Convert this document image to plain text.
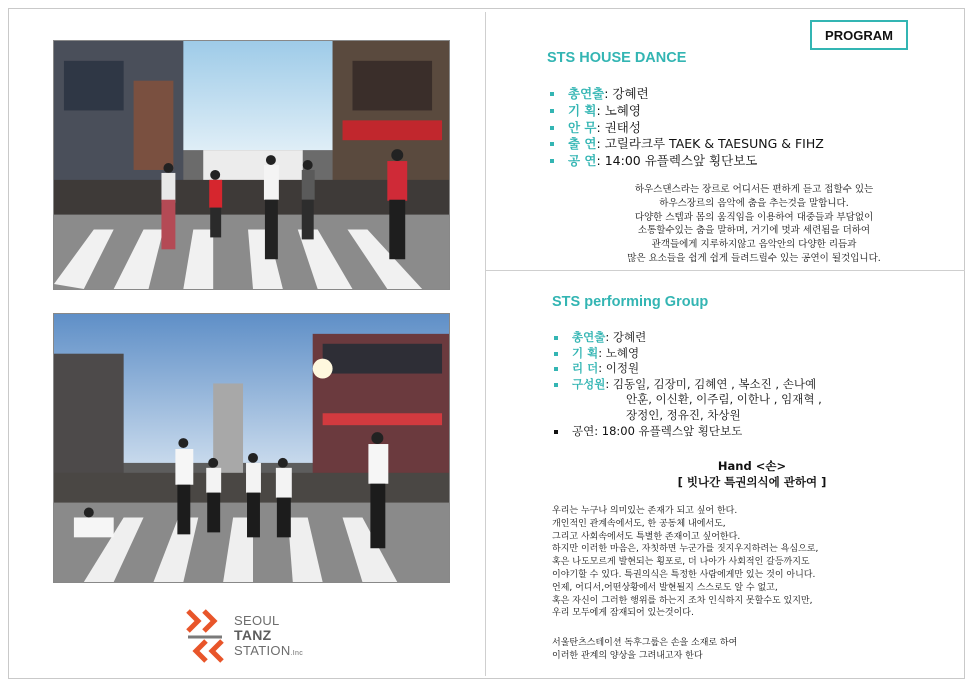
SEOUL
TANZ
STATION.Inc
PROGRAM
STS HOUSE DANCE
총연출: 강혜련
기 획: 노혜영
안 무: 권태성
출 연: 고릴라크루 TAEK & TAESUNG & FIHZ
공 연: 14:00 유플렉스앞 횡단보도
하우스댄스라는 장르로 어디서든 편하게 듣고 접할수 있는
하우스장르의 음악에 춤을 추는것을 말합니다.
다양한 스텝과 몸의 움직임을 이용하여 대중들과 부담없이
소통할수있는 춤을 말하며, 거기에 멋과 세련됨을 더하여
관객들에게 지루하지않고 음악안의 다양한 리듬과
많은 요소들을 쉽게 쉽게 들려드릴수 있는 공연이 될것입니다.
STS performing Group
총연출: 강혜련
기 획: 노혜영
리 더: 이정원
구성원: 김동일, 김장미, 김혜연 , 복소진 , 손나예
안훈, 이신환, 이주림, 이한나 , 임재혁 ,
장정인, 정유진, 차상원
공연: 18:00 유플렉스앞 횡단보도
Hand <손>
[ 빗나간 특권의식에 관하여 ]

우리는 누구나 의미있는 존재가 되고 싶어 한다.

개인적인 관계속에서도, 한 공동체 내에서도,

그리고 사회속에서도 특별한 존재이고 싶어한다.

하지만 이러한 마음은, 자칫하면 누군가를 짓지우지하려는 욕심으로,

혹은 나도모르게 발현되는 횡포로, 더 나아가 사회적인 갈등까지도

이야기할 수 있다. 특권의식은 특정한 사람에게만 있는 것이 아니다.

언제, 어디서,어떤상황에서 발현될지 스스로도 알 수 없고,

혹은 자신이 그러한 행위를 하는지 조차 인식하지 못할수도 있지만,

우리 모두에게 잠재되어 있는것이다.

서울탄츠스테이션 독후그룹은 손을 소재로 하여

이러한 관계의 양상을 그려내고자 한다
